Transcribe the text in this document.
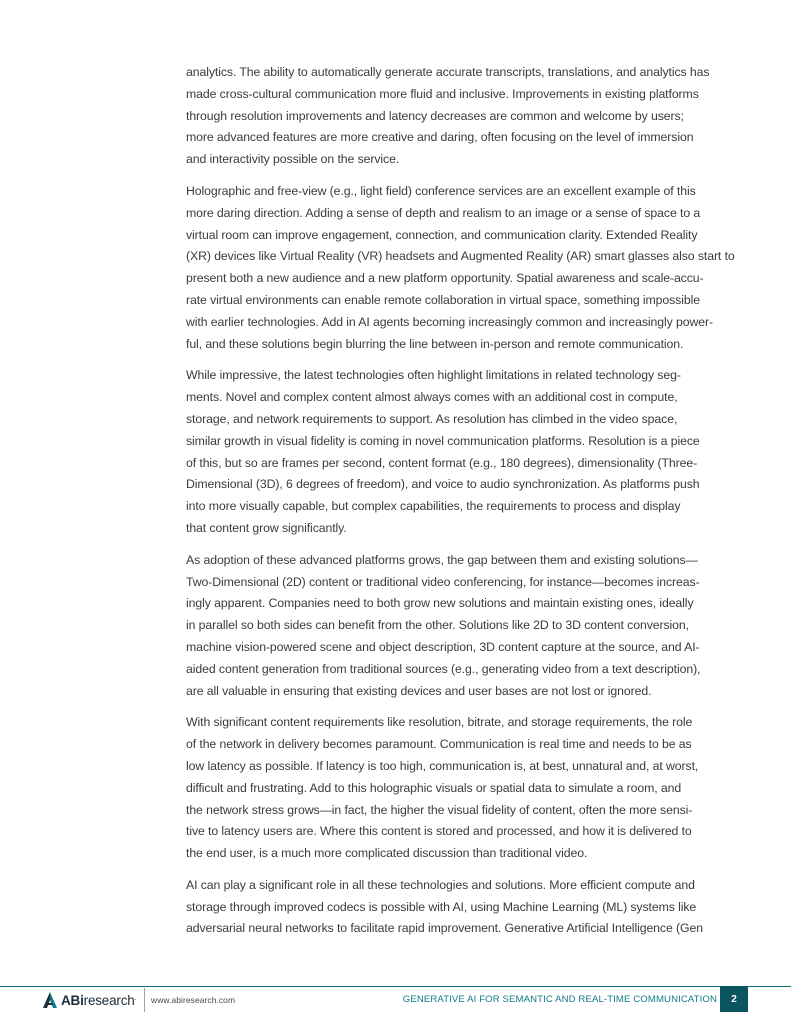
analytics. The ability to automatically generate accurate transcripts, translations, and analytics has
made cross-cultural communication more fluid and inclusive. Improvements in existing platforms
through resolution improvements and latency decreases are common and welcome by users;
more advanced features are more creative and daring, often focusing on the level of immersion
and interactivity possible on the service.

Holographic and free-view (e.g., light field) conference services are an excellent example of this
more daring direction. Adding a sense of depth and realism to an image or a sense of space to a
virtual room can improve engagement, connection, and communication clarity. Extended Reality
(XR) devices like Virtual Reality (VR) headsets and Augmented Reality (AR) smart glasses also start to
present both a new audience and a new platform opportunity. Spatial awareness and scale-accu-
rate virtual environments can enable remote collaboration in virtual space, something impossible
with earlier technologies. Add in AI agents becoming increasingly common and increasingly power-
ful, and these solutions begin blurring the line between in-person and remote communication.

While impressive, the latest technologies often highlight limitations in related technology seg-
ments. Novel and complex content almost always comes with an additional cost in compute,
storage, and network requirements to support. As resolution has climbed in the video space,
similar growth in visual fidelity is coming in novel communication platforms. Resolution is a piece
of this, but so are frames per second, content format (e.g., 180 degrees), dimensionality (Three-
Dimensional (3D), 6 degrees of freedom), and voice to audio synchronization. As platforms push
into more visually capable, but complex capabilities, the requirements to process and display
that content grow significantly.

As adoption of these advanced platforms grows, the gap between them and existing solutions—
Two-Dimensional (2D) content or traditional video conferencing, for instance—becomes increas-
ingly apparent. Companies need to both grow new solutions and maintain existing ones, ideally
in parallel so both sides can benefit from the other. Solutions like 2D to 3D content conversion,
machine vision-powered scene and object description, 3D content capture at the source, and AI-
aided content generation from traditional sources (e.g., generating video from a text description),
are all valuable in ensuring that existing devices and user bases are not lost or ignored.

With significant content requirements like resolution, bitrate, and storage requirements, the role
of the network in delivery becomes paramount. Communication is real time and needs to be as
low latency as possible. If latency is too high, communication is, at best, unnatural and, at worst,
difficult and frustrating. Add to this holographic visuals or spatial data to simulate a room, and
the network stress grows—in fact, the higher the visual fidelity of content, often the more sensi-
tive to latency users are. Where this content is stored and processed, and how it is delivered to
the end user, is a much more complicated discussion than traditional video.

AI can play a significant role in all these technologies and solutions. More efficient compute and
storage through improved codecs is possible with AI, using Machine Learning (ML) systems like
adversarial neural networks to facilitate rapid improvement. Generative Artificial Intelligence (Gen

ABiresearch. www.abiresearch.com	GENERATIVE AI FOR SEMANTIC AND REAL-TIME COMMUNICATION	2
